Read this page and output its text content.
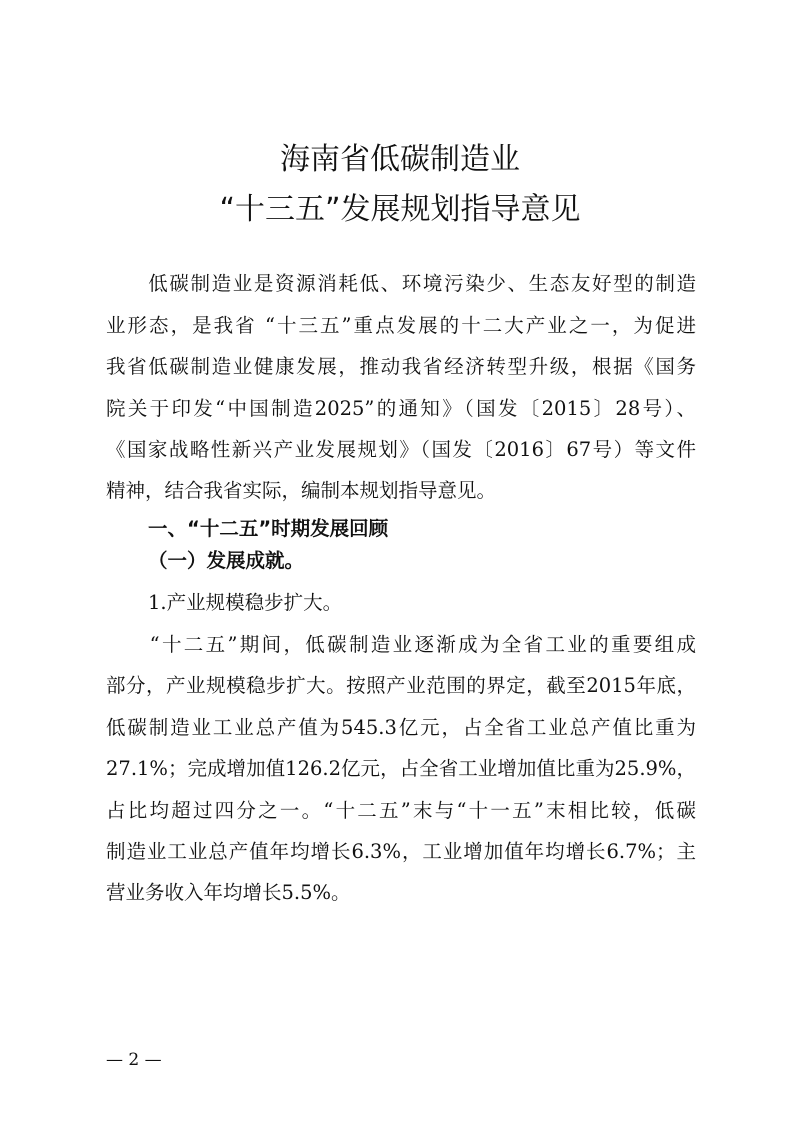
海南省低碳制造业
“十三五”发展规划指导意见
　　低碳制造业是资源消耗低、环境污染少、生态友好型的制造
业形态，是我省 “十三五”重点发展的十二大产业之一，为促进
我省低碳制造业健康发展，推动我省经济转型升级，根据《国务
院关于印发“中国制造2025”的通知》（国发〔2015〕28号）、
《国家战略性新兴产业发展规划》（国发〔2016〕67号）等文件
精神，结合我省实际，编制本规划指导意见。
一、“十二五”时期发展回顾
（一）发展成就。
1.产业规模稳步扩大。
　　“十二五”期间，低碳制造业逐渐成为全省工业的重要组成
部分，产业规模稳步扩大。按照产业范围的界定，截至2015年底，
低碳制造业工业总产值为545.3亿元，占全省工业总产值比重为
27.1%；完成增加值126.2亿元，占全省工业增加值比重为25.9%，
占比均超过四分之一。“十二五”末与“十一五”末相比较，低碳
制造业工业总产值年均增长6.3%，工业增加值年均增长6.7%；主
营业务收入年均增长5.5%。
— 2 —
